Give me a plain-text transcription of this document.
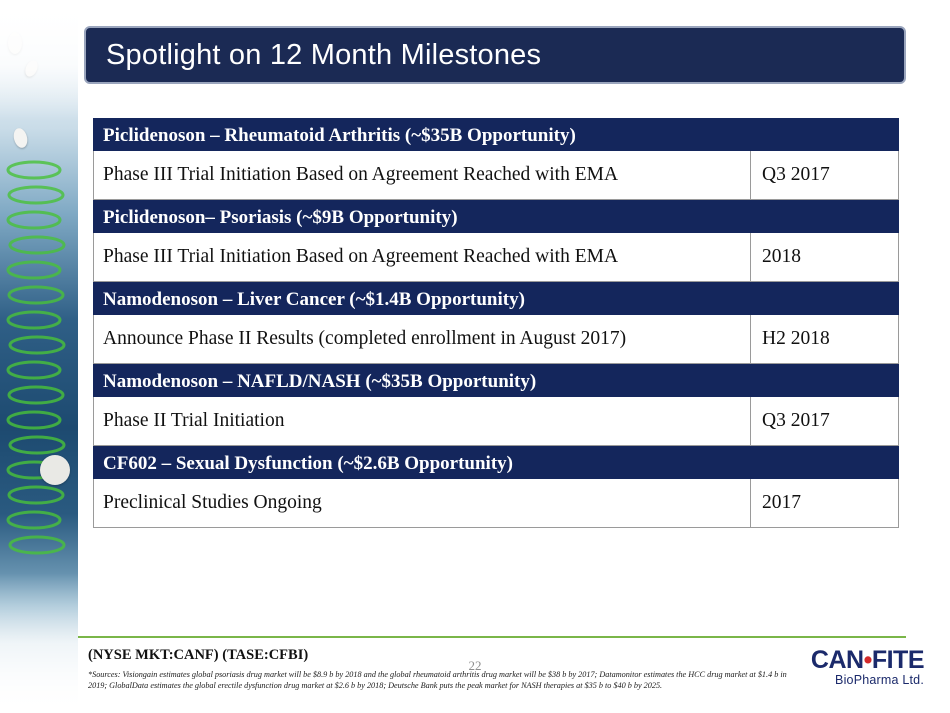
Spotlight on 12 Month Milestones
Piclidenoson – Rheumatoid Arthritis (~$35B Opportunity)
Phase III Trial Initiation Based on Agreement Reached with EMA	Q3 2017
Piclidenoson– Psoriasis (~$9B Opportunity)
Phase III Trial Initiation Based on Agreement Reached with EMA	2018
Namodenoson – Liver Cancer (~$1.4B Opportunity)
Announce Phase II Results (completed enrollment in August 2017)	H2 2018
Namodenoson – NAFLD/NASH (~$35B Opportunity)
Phase II Trial Initiation	Q3 2017
CF602 – Sexual Dysfunction (~$2.6B Opportunity)
Preclinical Studies Ongoing	2017
(NYSE MKT:CANF) (TASE:CFBI)
*Sources: Visiongain estimates global psoriasis drug market will be $8.9 b by 2018 and the global rheumatoid arthritis drug market will be $38 b by 2017; Datamonitor estimates the HCC drug market at $1.4 b in 2019; GlobalData estimates the global erectile dysfunction drug market at $2.6 b by 2018; Deutsche Bank puts the peak market for NASH therapies at $35 b to $40 b by 2025.
22	CAN•FITE
BioPharma Ltd.
